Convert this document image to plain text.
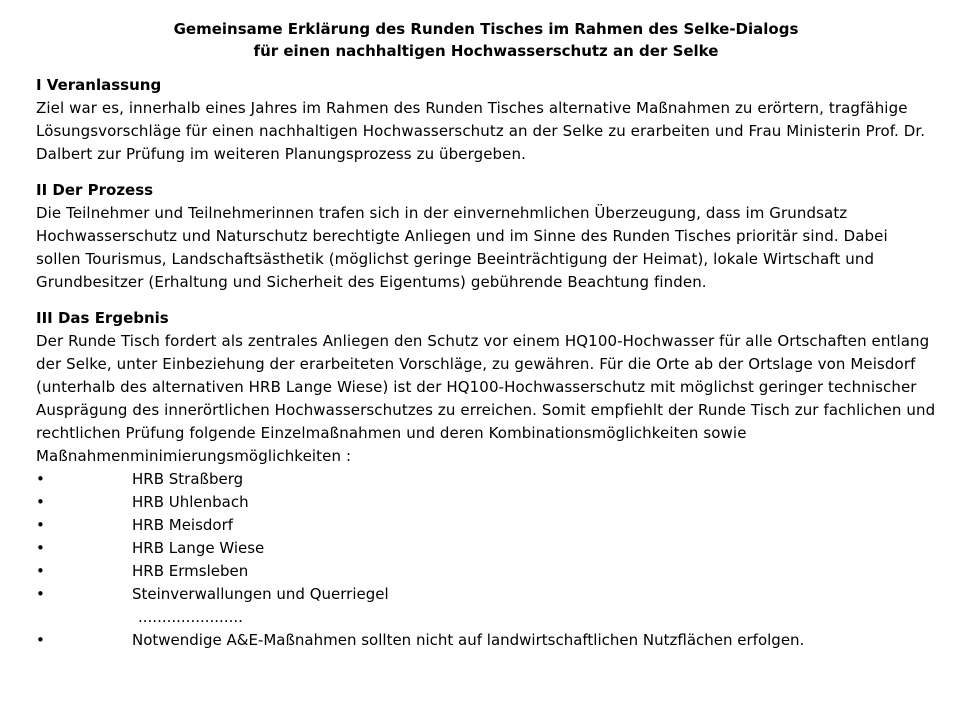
Gemeinsame Erklärung des Runden Tisches im Rahmen des Selke-Dialogs
für einen nachhaltigen Hochwasserschutz an der Selke
I Veranlassung
Ziel war es, innerhalb eines Jahres im Rahmen des Runden Tisches alternative Maßnahmen zu erörtern, tragfähige Lösungsvorschläge für einen nachhaltigen Hochwasserschutz an der Selke zu erarbeiten und Frau Ministerin Prof. Dr. Dalbert zur Prüfung im weiteren Planungsprozess zu übergeben.
II Der Prozess
Die Teilnehmer und Teilnehmerinnen trafen sich in der einvernehmlichen Überzeugung, dass im Grundsatz Hochwasserschutz und Naturschutz berechtigte Anliegen und im Sinne des Runden Tisches prioritär sind. Dabei sollen Tourismus, Landschaftsästhetik (möglichst geringe Beeinträchtigung der Heimat), lokale Wirtschaft und Grundbesitzer (Erhaltung und Sicherheit des Eigentums) gebührende Beachtung finden.
III Das Ergebnis
Der Runde Tisch fordert als zentrales Anliegen den Schutz vor einem HQ100-Hochwasser für alle Ortschaften entlang der Selke, unter Einbeziehung der erarbeiteten Vorschläge, zu gewähren. Für die Orte ab der Ortslage von Meisdorf (unterhalb des alternativen HRB Lange Wiese) ist der HQ100-Hochwasserschutz mit möglichst geringer technischer Ausprägung des innerörtlichen Hochwasserschutzes zu erreichen. Somit empfiehlt der Runde Tisch zur fachlichen und rechtlichen Prüfung folgende Einzelmaßnahmen und deren Kombinationsmöglichkeiten sowie Maßnahmenminimierungsmöglichkeiten :
•	HRB Straßberg
•	HRB Uhlenbach
•	HRB Meisdorf
•	HRB Lange Wiese
•	HRB Ermsleben
•	Steinverwallungen und Querriegel
......................
•	Notwendige A&E-Maßnahmen sollten nicht auf landwirtschaftlichen Nutzflächen erfolgen.
